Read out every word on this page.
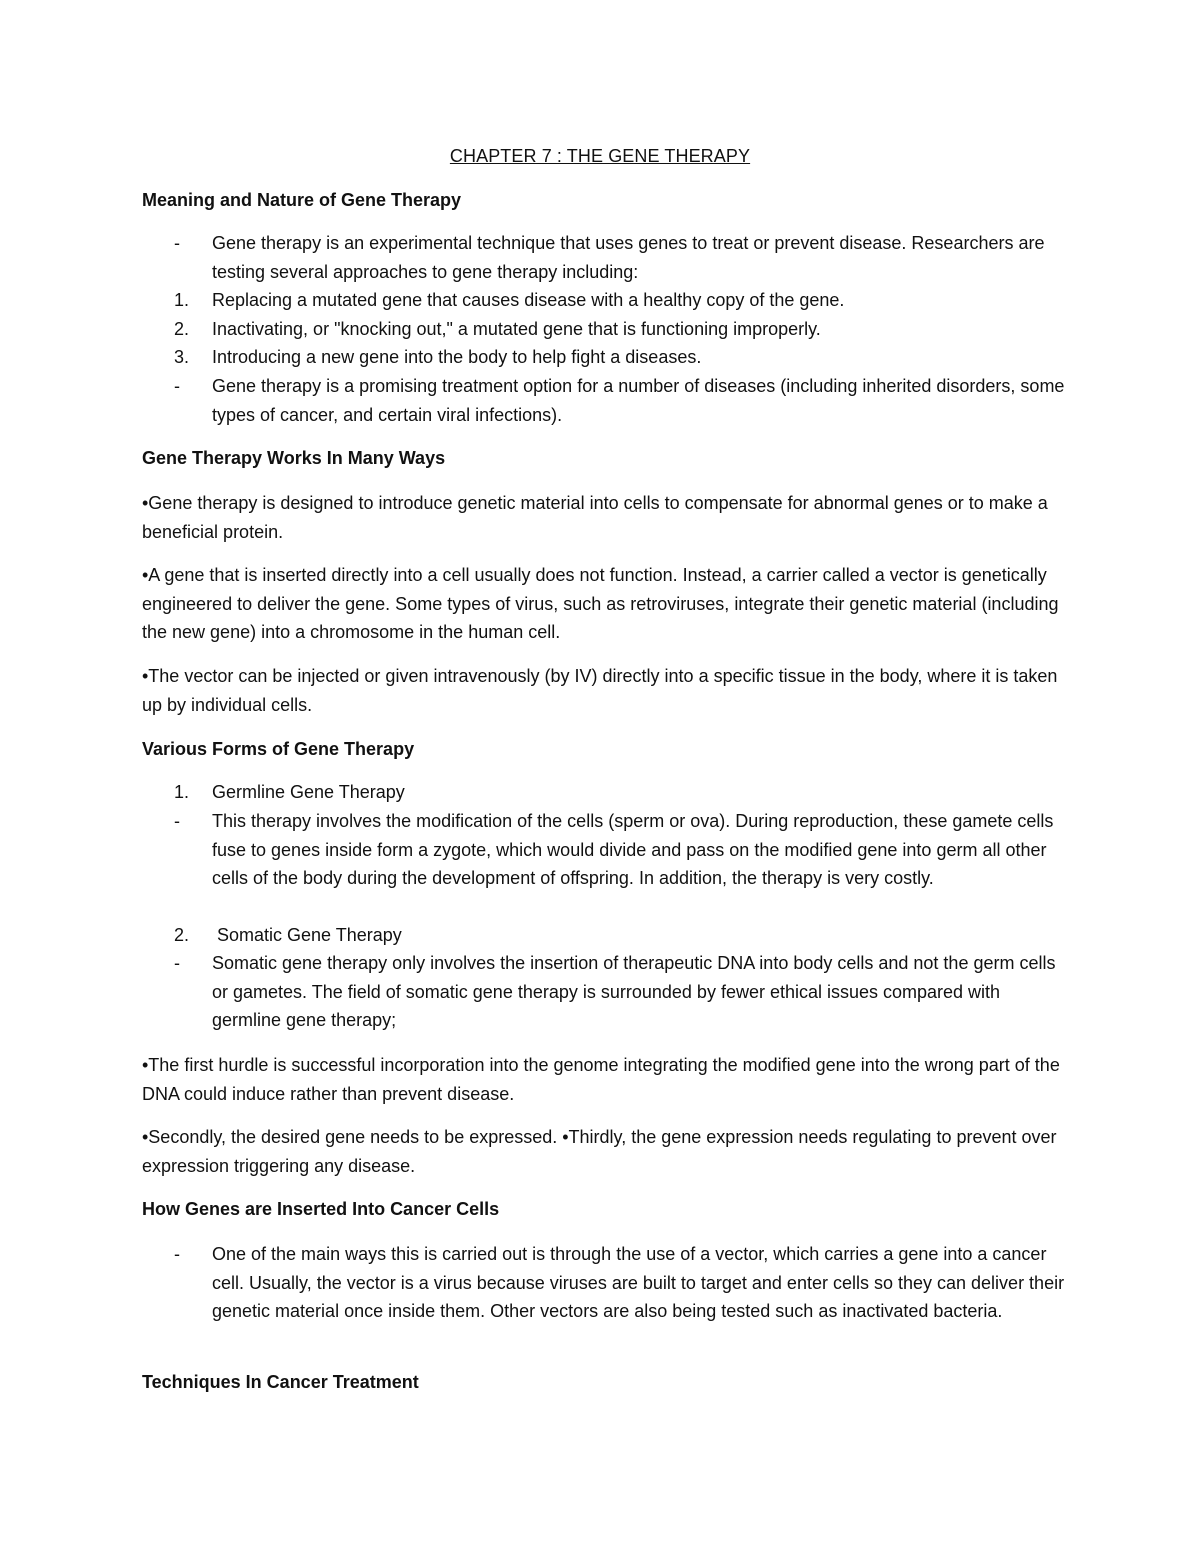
CHAPTER 7 : THE GENE THERAPY
Meaning and Nature of Gene Therapy
-	Gene therapy is an experimental technique that uses genes to treat or prevent disease. Researchers are testing several approaches to gene therapy including:
1.	Replacing a mutated gene that causes disease with a healthy copy of the gene.
2.	Inactivating, or "knocking out," a mutated gene that is functioning improperly.
3.	Introducing a new gene into the body to help fight a diseases.
-	Gene therapy is a promising treatment option for a number of diseases (including inherited disorders, some types of cancer, and certain viral infections).
Gene Therapy Works In Many Ways
•Gene therapy is designed to introduce genetic material into cells to compensate for abnormal genes or to make a beneficial protein.
•A gene that is inserted directly into a cell usually does not function. Instead, a carrier called a vector is genetically engineered to deliver the gene. Some types of virus, such as retroviruses, integrate their genetic material (including the new gene) into a chromosome in the human cell.
•The vector can be injected or given intravenously (by IV) directly into a specific tissue in the body, where it is taken up by individual cells.
Various Forms of Gene Therapy
1.	Germline Gene Therapy
-	This therapy involves the modification of the cells (sperm or ova). During reproduction, these gamete cells fuse to genes inside form a zygote, which would divide and pass on the modified gene into germ all other cells of the body during the development of offspring. In addition, the therapy is very costly.
2.	Somatic Gene Therapy
-	Somatic gene therapy only involves the insertion of therapeutic DNA into body cells and not the germ cells or gametes. The field of somatic gene therapy is surrounded by fewer ethical issues compared with germline gene therapy;
•The first hurdle is successful incorporation into the genome integrating the modified gene into the wrong part of the DNA could induce rather than prevent disease.
•Secondly, the desired gene needs to be expressed. •Thirdly, the gene expression needs regulating to prevent over expression triggering any disease.
How Genes are Inserted Into Cancer Cells
-	One of the main ways this is carried out is through the use of a vector, which carries a gene into a cancer cell. Usually, the vector is a virus because viruses are built to target and enter cells so they can deliver their genetic material once inside them. Other vectors are also being tested such as inactivated bacteria.
Techniques In Cancer Treatment
